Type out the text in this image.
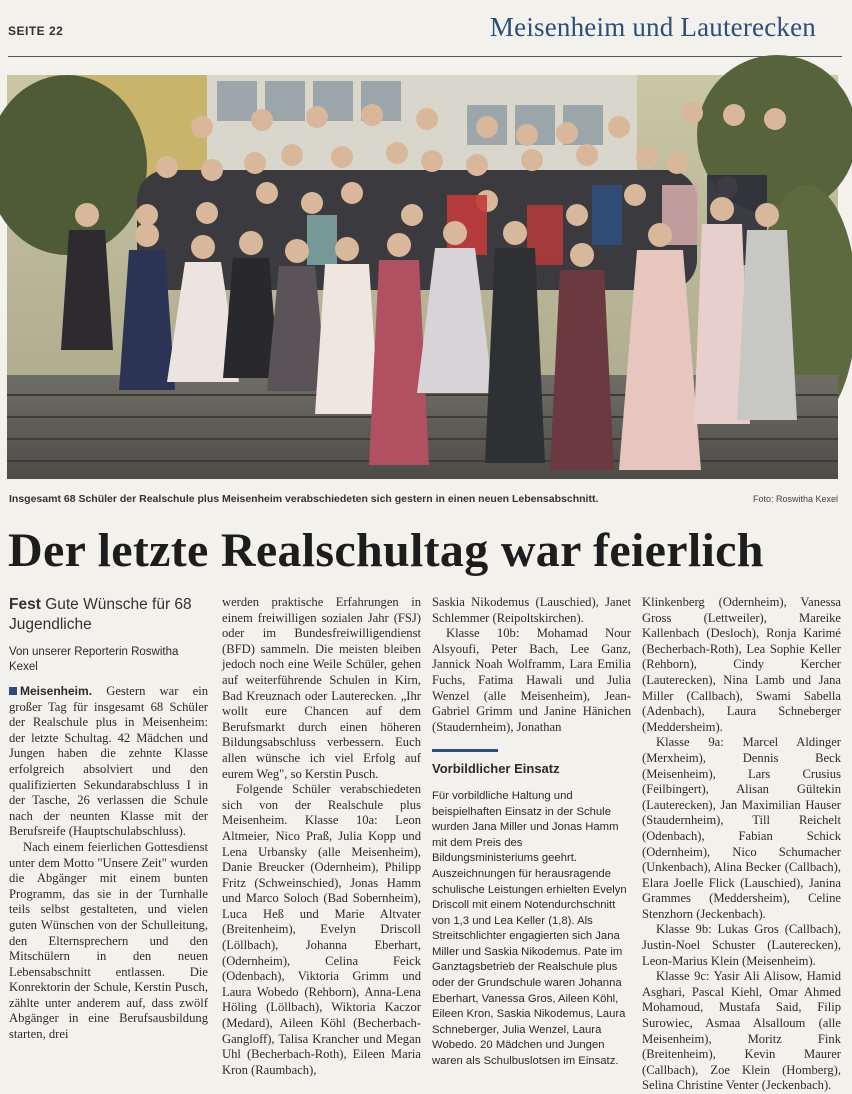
SEITE 22	Meisenheim und Lauterecken
Insgesamt 68 Schüler der Realschule plus Meisenheim verabschiedeten sich gestern in einen neuen Lebensabschnitt.	Foto: Roswitha Kexel
Der letzte Realschultag war feierlich
Fest Gute Wünsche für 68 Jugendliche
Von unserer Reporterin Roswitha Kexel

Meisenheim. Gestern war ein großer Tag für insgesamt 68 Schüler der Realschule plus in Meisenheim: der letzte Schultag. 42 Mädchen und Jungen haben die zehnte Klasse erfolgreich absolviert und den qualifizierten Sekundarabschluss I in der Tasche, 26 verlassen die Schule nach der neunten Klasse mit der Berufsreife (Hauptschulabschluss).

Nach einem feierlichen Gottesdienst unter dem Motto "Unsere Zeit" wurden die Abgänger mit einem bunten Programm, das sie in der Turnhalle teils selbst gestalteten, und vielen guten Wünschen von der Schulleitung, den Elternsprechern und den Mitschülern in den neuen Lebensabschnitt entlassen. Die Konrektorin der Schule, Kerstin Pusch, zählte unter anderem auf, dass zwölf Abgänger in eine Berufsausbildung starten, drei

werden praktische Erfahrungen in einem freiwilligen sozialen Jahr (FSJ) oder im Bundesfreiwilligendienst (BFD) sammeln. Die meisten bleiben jedoch noch eine Weile Schüler, gehen auf weiterführende Schulen in Kirn, Bad Kreuznach oder Lauterecken. „Ihr wollt eure Chancen auf dem Berufsmarkt durch einen höheren Bildungsabschluss verbessern. Euch allen wünsche ich viel Erfolg auf eurem Weg", so Kerstin Pusch.

Folgende Schüler verabschiedeten sich von der Realschule plus Meisenheim. Klasse 10a: Leon Altmeier, Nico Praß, Julia Kopp und Lena Urbansky (alle Meisenheim), Danie Breucker (Odernheim), Philipp Fritz (Schweinschied), Jonas Hamm und Marco Soloch (Bad Sobernheim), Luca Heß und Marie Altvater (Breitenheim), Evelyn Driscoll (Löllbach), Johanna Eberhart, (Odernheim), Celina Feick (Odenbach), Viktoria Grimm und Laura Wobedo (Rehborn), Anna-Lena Höling (Löllbach), Wiktoria Kaczor (Medard), Aileen Köhl (Becherbach-Gangloff), Talisa Krancher und Megan Uhl (Becherbach-Roth), Eileen Maria Kron (Raumbach),

Saskia Nikodemus (Lauschied), Janet Schlemmer (Reipoltskirchen).

Klasse 10b: Mohamad Nour Alsyoufi, Peter Bach, Lee Ganz, Jannick Noah Wolframm, Lara Emilia Fuchs, Fatima Hawali und Julia Wenzel (alle Meisenheim), Jean-Gabriel Grimm und Janine Hänichen (Staudernheim), Jonathan

Vorbildlicher Einsatz
Für vorbildliche Haltung und beispielhaften Einsatz in der Schule wurden Jana Miller und Jonas Hamm mit dem Preis des Bildungsministeriums geehrt. Auszeichnungen für herausragende schulische Leistungen erhielten Evelyn Driscoll mit einem Notendurchschnitt von 1,3 und Lea Keller (1,8). Als Streitschlichter engagierten sich Jana Miller und Saskia Nikodemus. Pate im Ganztagsbetrieb der Realschule plus oder der Grundschule waren Johanna Eberhart, Vanessa Gros, Aileen Köhl, Eileen Kron, Saskia Nikodemus, Laura Schneberger, Julia Wenzel, Laura Wobedo. 20 Mädchen und Jungen waren als Schulbuslotsen im Einsatz.

Klinkenberg (Odernheim), Vanessa Gross (Lettweiler), Mareike Kallenbach (Desloch), Ronja Karimé (Becherbach-Roth), Lea Sophie Keller (Rehborn), Cindy Kercher (Lauterecken), Nina Lamb und Jana Miller (Callbach), Swami Sabella (Adenbach), Laura Schneberger (Meddersheim).

Klasse 9a: Marcel Aldinger (Merxheim), Dennis Beck (Meisenheim), Lars Crusius (Feilbingert), Alisan Gültekin (Lauterecken), Jan Maximilian Hauser (Staudernheim), Till Reichelt (Odenbach), Fabian Schick (Odernheim), Nico Schumacher (Unkenbach), Alina Becker (Callbach), Elara Joelle Flick (Lauschied), Janina Grammes (Meddersheim), Celine Stenzhorn (Jeckenbach).

Klasse 9b: Lukas Gros (Callbach), Justin-Noel Schuster (Lauterecken), Leon-Marius Klein (Meisenheim).

Klasse 9c: Yasir Ali Alisow, Hamid Asghari, Pascal Kiehl, Omar Ahmed Mohamoud, Mustafa Said, Filip Surowiec, Asmaa Alsalloum (alle Meisenheim), Moritz Fink (Breitenheim), Kevin Maurer (Callbach), Zoe Klein (Homberg), Selina Christine Venter (Jeckenbach).
